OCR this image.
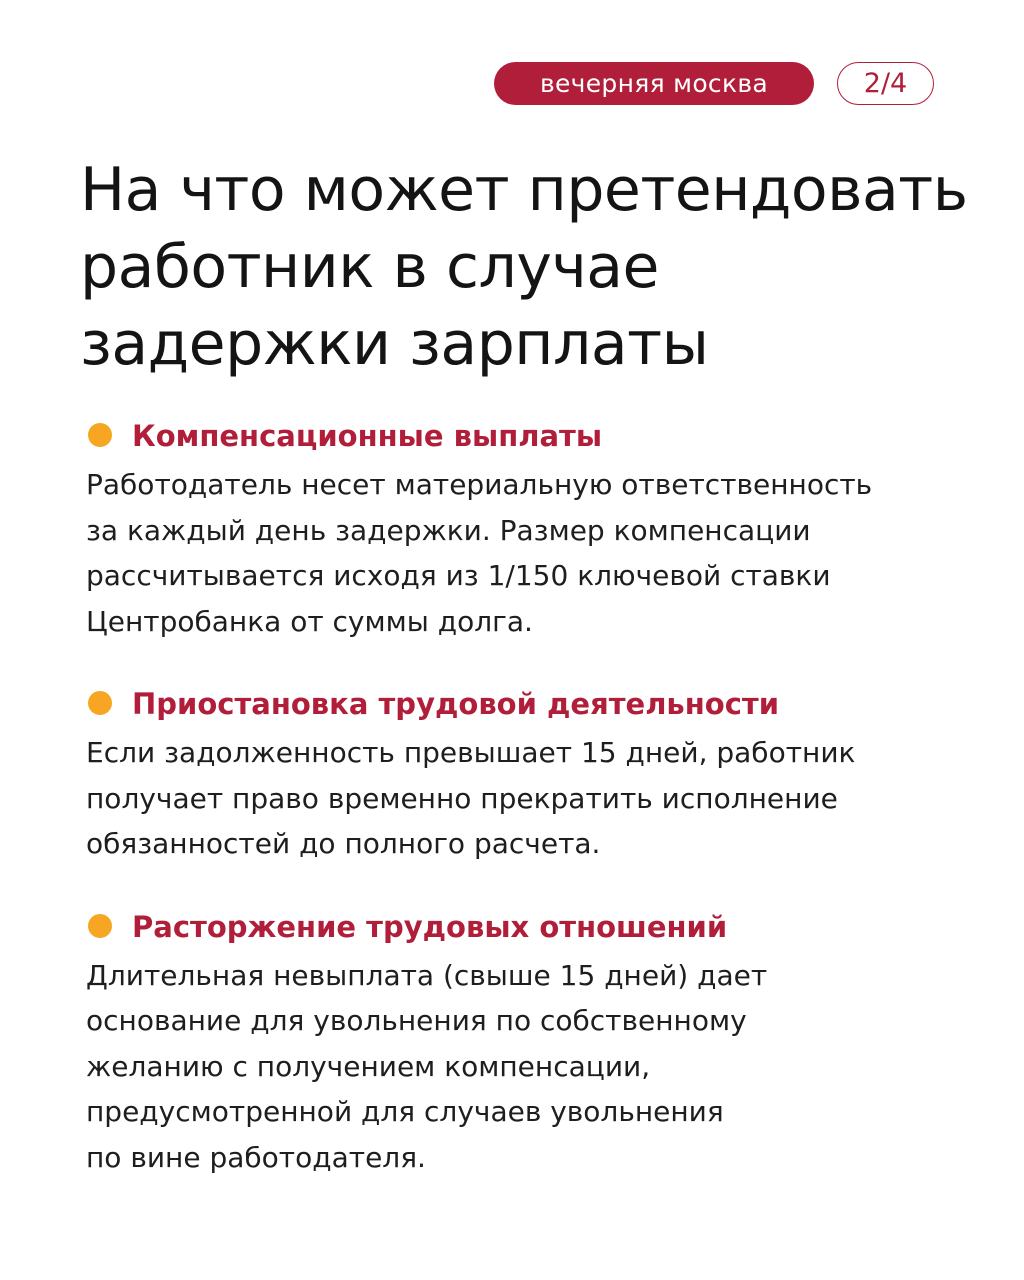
вечерняя москва	2/4
На что может претендовать работник в случае задержки зарплаты
Компенсационные выплаты

Работодатель несет материальную ответственность
за каждый день задержки. Размер компенсации
рассчитывается исходя из 1/150 ключевой ставки
Центробанка от суммы долга.

Приостановка трудовой деятельности

Если задолженность превышает 15 дней, работник
получает право временно прекратить исполнение
обязанностей до полного расчета.

Расторжение трудовых отношений

Длительная невыплата (свыше 15 дней) дает
основание для увольнения по собственному
желанию с получением компенсации,
предусмотренной для случаев увольнения
по вине работодателя.
